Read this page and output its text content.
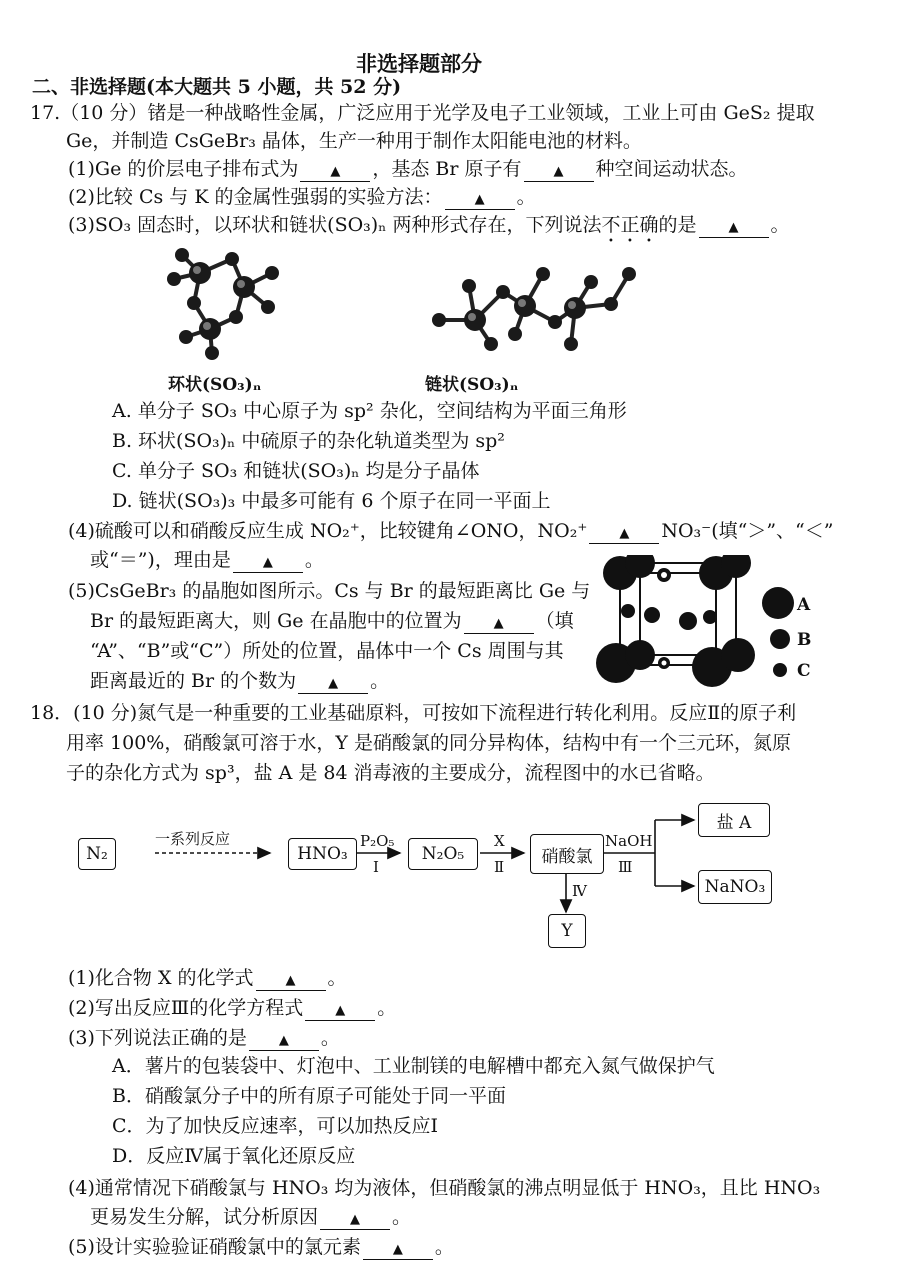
非选择题部分
二、非选择题(本大题共 5 小题，共 52 分)
17.（10 分）锗是一种战略性金属，广泛应用于光学及电子工业领域，工业上可由 GeS₂ 提取
Ge，并制造 CsGeBr₃ 晶体，生产一种用于制作太阳能电池的材料。
(1)Ge 的价层电子排布式为 ▲ ，基态 Br 原子有 ▲ 种空间运动状态。
(2)比较 Cs 与 K 的金属性强弱的实验方法： ▲ 。
(3)SO₃ 固态时，以环状和链状(SO₃)ₙ 两种形式存在，下列说法不正确的是 ▲ 。
环状(SO₃)ₙ	链状(SO₃)ₙ
A. 单分子 SO₃ 中心原子为 sp² 杂化，空间结构为平面三角形
B. 环状(SO₃)ₙ 中硫原子的杂化轨道类型为 sp²
C. 单分子 SO₃ 和链状(SO₃)ₙ 均是分子晶体
D. 链状(SO₃)₃ 中最多可能有 6 个原子在同一平面上
(4)硫酸可以和硝酸反应生成 NO₂⁺，比较键角∠ONO，NO₂⁺ ▲ NO₃⁻(填“＞”、“＜”
或“＝”)，理由是 ▲ 。
(5)CsGeBr₃ 的晶胞如图所示。Cs 与 Br 的最短距离比 Ge 与
Br 的最短距离大，则 Ge 在晶胞中的位置为 ▲ （填
“A”、“B”或“C”）所处的位置，晶体中一个 Cs 周围与其
距离最近的 Br 的个数为 ▲ 。
A
B
C
18．(10 分)氮气是一种重要的工业基础原料，可按如下流程进行转化利用。反应Ⅱ的原子利
用率 100%，硝酸氯可溶于水，Y 是硝酸氯的同分异构体，结构中有一个三元环，氮原
子的杂化方式为 sp³，盐 A 是 84 消毒液的主要成分，流程图中的水已省略。
N₂
一系列反应
HNO₃
P₂O₅
Ⅰ
N₂O₅
X
Ⅱ
硝酸氯
NaOH
Ⅲ
盐 A
NaNO₃
Ⅳ
Y
(1)化合物 X 的化学式 ▲ 。
(2)写出反应Ⅲ的化学方程式 ▲ 。
(3)下列说法正确的是 ▲ 。
A．薯片的包装袋中、灯泡中、工业制镁的电解槽中都充入氮气做保护气
B．硝酸氯分子中的所有原子可能处于同一平面
C．为了加快反应速率，可以加热反应Ⅰ
D．反应Ⅳ属于氧化还原反应
(4)通常情况下硝酸氯与 HNO₃ 均为液体，但硝酸氯的沸点明显低于 HNO₃，且比 HNO₃
更易发生分解，试分析原因 ▲ 。
(5)设计实验验证硝酸氯中的氯元素 ▲ 。
